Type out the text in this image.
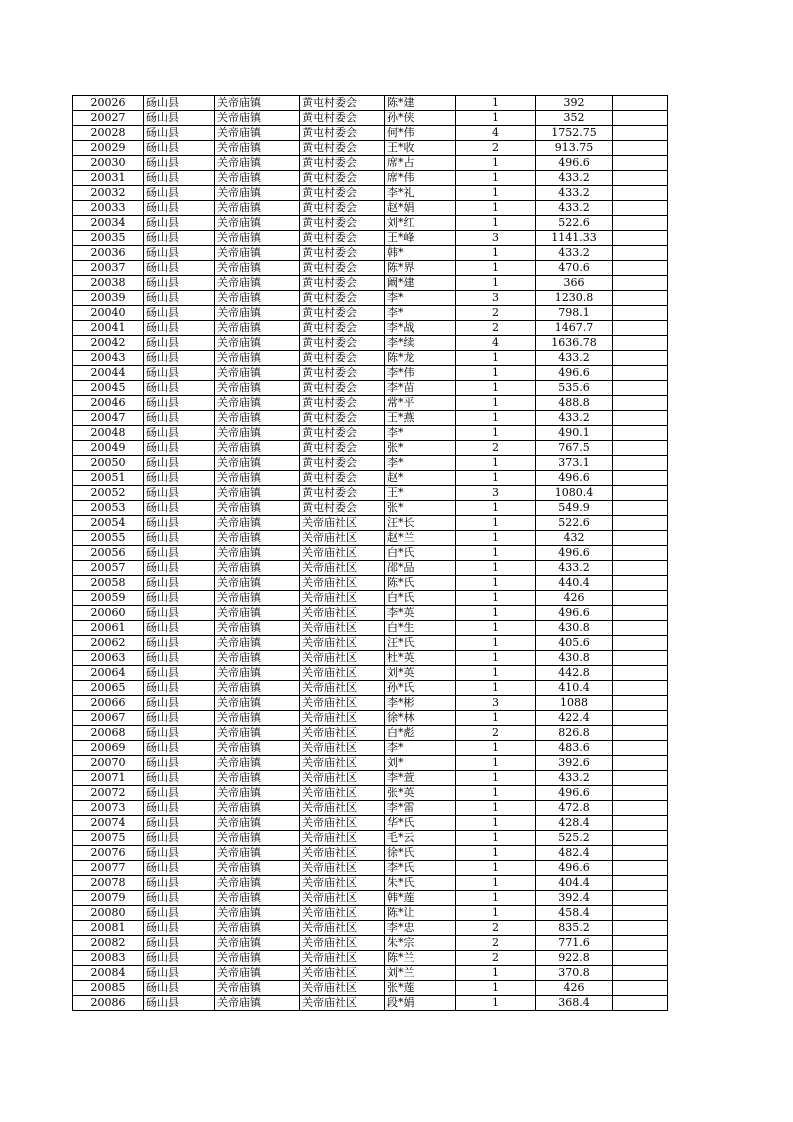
20026	砀山县	关帝庙镇	黄屯村委会	陈*建	1	392	
20027	砀山县	关帝庙镇	黄屯村委会	孙*侠	1	352	
20028	砀山县	关帝庙镇	黄屯村委会	何*伟	4	1752.75	
20029	砀山县	关帝庙镇	黄屯村委会	王*收	2	913.75	
20030	砀山县	关帝庙镇	黄屯村委会	席*占	1	496.6	
20031	砀山县	关帝庙镇	黄屯村委会	席*伟	1	433.2	
20032	砀山县	关帝庙镇	黄屯村委会	李*礼	1	433.2	
20033	砀山县	关帝庙镇	黄屯村委会	赵*娟	1	433.2	
20034	砀山县	关帝庙镇	黄屯村委会	刘*红	1	522.6	
20035	砀山县	关帝庙镇	黄屯村委会	王*峰	3	1141.33	
20036	砀山县	关帝庙镇	黄屯村委会	韩*	1	433.2	
20037	砀山县	关帝庙镇	黄屯村委会	陈*界	1	470.6	
20038	砀山县	关帝庙镇	黄屯村委会	阚*建	1	366	
20039	砀山县	关帝庙镇	黄屯村委会	李*	3	1230.8	
20040	砀山县	关帝庙镇	黄屯村委会	李*	2	798.1	
20041	砀山县	关帝庙镇	黄屯村委会	李*战	2	1467.7	
20042	砀山县	关帝庙镇	黄屯村委会	李*续	4	1636.78	
20043	砀山县	关帝庙镇	黄屯村委会	陈*龙	1	433.2	
20044	砀山县	关帝庙镇	黄屯村委会	李*伟	1	496.6	
20045	砀山县	关帝庙镇	黄屯村委会	李*苗	1	535.6	
20046	砀山县	关帝庙镇	黄屯村委会	常*平	1	488.8	
20047	砀山县	关帝庙镇	黄屯村委会	王*燕	1	433.2	
20048	砀山县	关帝庙镇	黄屯村委会	李*	1	490.1	
20049	砀山县	关帝庙镇	黄屯村委会	张*	2	767.5	
20050	砀山县	关帝庙镇	黄屯村委会	李*	1	373.1	
20051	砀山县	关帝庙镇	黄屯村委会	赵*	1	496.6	
20052	砀山县	关帝庙镇	黄屯村委会	王*	3	1080.4	
20053	砀山县	关帝庙镇	黄屯村委会	张*	1	549.9	
20054	砀山县	关帝庙镇	关帝庙社区	汪*长	1	522.6	
20055	砀山县	关帝庙镇	关帝庙社区	赵*兰	1	432	
20056	砀山县	关帝庙镇	关帝庙社区	白*氏	1	496.6	
20057	砀山县	关帝庙镇	关帝庙社区	邵*品	1	433.2	
20058	砀山县	关帝庙镇	关帝庙社区	陈*氏	1	440.4	
20059	砀山县	关帝庙镇	关帝庙社区	白*氏	1	426	
20060	砀山县	关帝庙镇	关帝庙社区	李*英	1	496.6	
20061	砀山县	关帝庙镇	关帝庙社区	白*生	1	430.8	
20062	砀山县	关帝庙镇	关帝庙社区	汪*氏	1	405.6	
20063	砀山县	关帝庙镇	关帝庙社区	杜*英	1	430.8	
20064	砀山县	关帝庙镇	关帝庙社区	刘*英	1	442.8	
20065	砀山县	关帝庙镇	关帝庙社区	孙*氏	1	410.4	
20066	砀山县	关帝庙镇	关帝庙社区	李*彬	3	1088	
20067	砀山县	关帝庙镇	关帝庙社区	徐*林	1	422.4	
20068	砀山县	关帝庙镇	关帝庙社区	白*彪	2	826.8	
20069	砀山县	关帝庙镇	关帝庙社区	李*	1	483.6	
20070	砀山县	关帝庙镇	关帝庙社区	刘*	1	392.6	
20071	砀山县	关帝庙镇	关帝庙社区	李*萱	1	433.2	
20072	砀山县	关帝庙镇	关帝庙社区	张*英	1	496.6	
20073	砀山县	关帝庙镇	关帝庙社区	李*雷	1	472.8	
20074	砀山县	关帝庙镇	关帝庙社区	华*氏	1	428.4	
20075	砀山县	关帝庙镇	关帝庙社区	毛*云	1	525.2	
20076	砀山县	关帝庙镇	关帝庙社区	徐*氏	1	482.4	
20077	砀山县	关帝庙镇	关帝庙社区	李*氏	1	496.6	
20078	砀山县	关帝庙镇	关帝庙社区	朱*氏	1	404.4	
20079	砀山县	关帝庙镇	关帝庙社区	韩*莲	1	392.4	
20080	砀山县	关帝庙镇	关帝庙社区	陈*让	1	458.4	
20081	砀山县	关帝庙镇	关帝庙社区	李*忠	2	835.2	
20082	砀山县	关帝庙镇	关帝庙社区	朱*宗	2	771.6	
20083	砀山县	关帝庙镇	关帝庙社区	陈*兰	2	922.8	
20084	砀山县	关帝庙镇	关帝庙社区	刘*兰	1	370.8	
20085	砀山县	关帝庙镇	关帝庙社区	张*莲	1	426	
20086	砀山县	关帝庙镇	关帝庙社区	段*娟	1	368.4	
